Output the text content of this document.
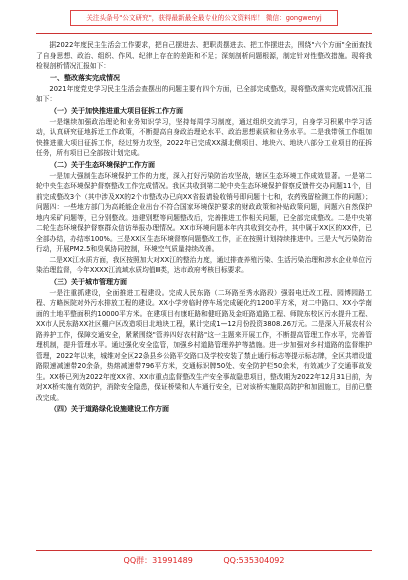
关注头条号"公文研究"，获得最新最全最专业的公文资料库！ 微信：gongwenyj

据2022年度民主生活会工作要求，把自己摆进去、把职责摆进去、把工作摆进去，围绕"六个方面"全面查找了自身思想、政治、组织、作风、纪律上存在的差距和不足；深刻剖析问题根源，制定针对性整改措施。现将我检视剖析情况汇报如下：

一、整改落实完成情况

2021年度党史学习民主生活会查摆出的问题主要有四个方面，已全部完成整改，现将整改落实完成情况汇报如下：

（一）关于加快推进重大项目征拆工作方面

一是继续加强政治理论和业务知识学习，坚持每周学习制度，通过组织交流学习，自身学习积累中学习活动，认真研究征地拆迁工作政策，不断提高自身政治理论水平、政治思想素质和业务水平。二是我带领工作组加快推进重大项目征拆工作，经过努力攻坚，2022年已完成XX湖北侧项目、地块六、地块八部分工业项目的征拆任务，所有项目已全部按计划完成。

（二）关于生态环境保护工作方面

一是加大强制生态环境保护工作的力度，深入打好污染防治攻坚战，辖区生态环境工作成效显著。一是第二轮中央生态环境保护督察整改工作完成情况。我区共收到第二轮中央生态环境保护督察反馈件交办问题11个，目前完成整改3个（其中涉及XX的2个市整改办已向XX省报请验收销号即问题十七和，农药残留检测工作的问题）；问题四：一些地方部门为高耗能企业出台不符合国家环境保护要求的财政政策和补贴政策问题，问题六自然保护地内采矿问题等，已分别整改。违建别墅等问题整改后，完善推进工作相关问题，已全部完成整改。二是中央第二轮生态环境保护督察群众信访举报办理情况。XX市环境问题本年内共收到交办件，其中属于XX区的XX件，已全部办结，办结率100%。三是XX区生态环境督察问题整改工作，正在按照计划持续推进中。三是大气污染防治行动，开展PM2.5和臭氧协同控制，环境空气质量持续改善。

二是XX江水质方面，我区按照加大对XX江的整治力度，通过排查养殖污染、生活污染治理和涉水企业单位污染治理监督，今年XXXX江流域水质均值Ⅲ类，达市政府考核目标要求。

（三）关于城市管理方面

一是注重抓建设，全面推进工程建设。完成人民东路（二环路至秀水路段）强弱电迁改工程、园博园路工程、方略医院对外污水排放工程的建设。XX小学旁临时停车场完成硬化约1200平方米，对二中路口、XX小学南面的土地平整面积约10000平方米。在建项目有康旺路和健旺路及金旺路道路工程、师院东校区污水提升工程、XX市人民东路XX社区棚户区改造项目北地块工程，累计完成1—12月份投资3808.26万元。二是深入开展农村公路养护工作，保障交通安全，紧紧围绕"管养四好农村路"这一主题来开展工作，不断提高管理工作水平，完善管理机制，提升管理水平。通过强化安全监管，加强乡村道路管理养护等措施。进一步加强对乡村道路的监督维护管理，2022年以来，城维对全区22条县乡公路平交路口及学校安装了禁止通行标志等提示标志牌，全区共增设道路限速减速带20余条，热熔减速带796平方米，交通标识牌50处、安全防护栏50余米，有效减少了交通事故发生。XX桥已列为2022年度XX省、XX市重点监督整改生产安全事故隐患项目，整改期为2022年12月31日前，为对XX桥实施有效防护，消除安全隐患，保证桥梁和人车通行安全，已对该桥实施限高防护和加固施工，目前已整改完成。

（四）关于道路绿化设施建设工作方面

QQ群：31991489	QQ:535304092
